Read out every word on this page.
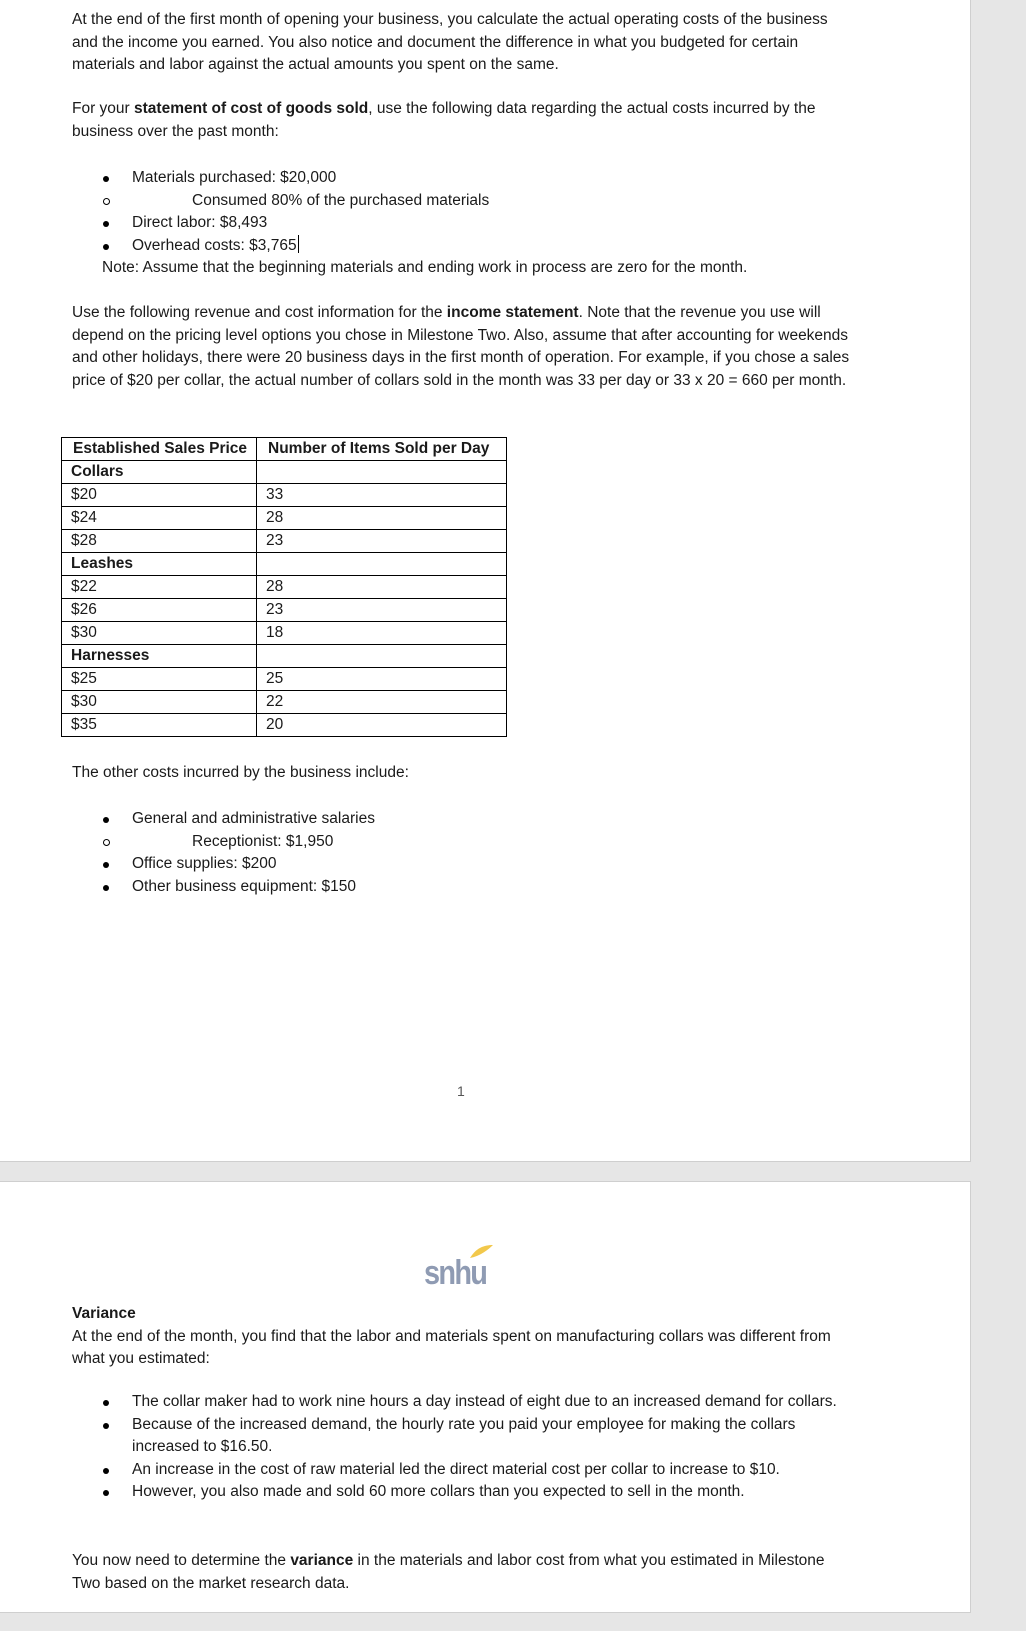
At the end of the first month of opening your business, you calculate the actual operating costs of the business and the income you earned. You also notice and document the difference in what you budgeted for certain materials and labor against the actual amounts you spent on the same.

For your statement of cost of goods sold, use the following data regarding the actual costs incurred by the business over the past month:

Materials purchased: $20,000
Consumed 80% of the purchased materials
Direct labor: $8,493
Overhead costs: $3,765

Note: Assume that the beginning materials and ending work in process are zero for the month.

Use the following revenue and cost information for the income statement. Note that the revenue you use will depend on the pricing level options you chose in Milestone Two. Also, assume that after accounting for weekends and other holidays, there were 20 business days in the first month of operation. For example, if you chose a sales price of $20 per collar, the actual number of collars sold in the month was 33 per day or 33 x 20 = 660 per month.

Established Sales Price	Number of Items Sold per Day
Collars	
$20	33
$24	28
$28	23
Leashes	
$22	28
$26	23
$30	18
Harnesses	
$25	25
$30	22
$35	20

The other costs incurred by the business include:

General and administrative salaries
Receptionist: $1,950
Office supplies: $200
Other business equipment: $150
1
snhu

Variance

At the end of the month, you find that the labor and materials spent on manufacturing collars was different from what you estimated:

The collar maker had to work nine hours a day instead of eight due to an increased demand for collars.
Because of the increased demand, the hourly rate you paid your employee for making the collars increased to $16.50.
An increase in the cost of raw material led the direct material cost per collar to increase to $10.
However, you also made and sold 60 more collars than you expected to sell in the month.

You now need to determine the variance in the materials and labor cost from what you estimated in Milestone Two based on the market research data.
